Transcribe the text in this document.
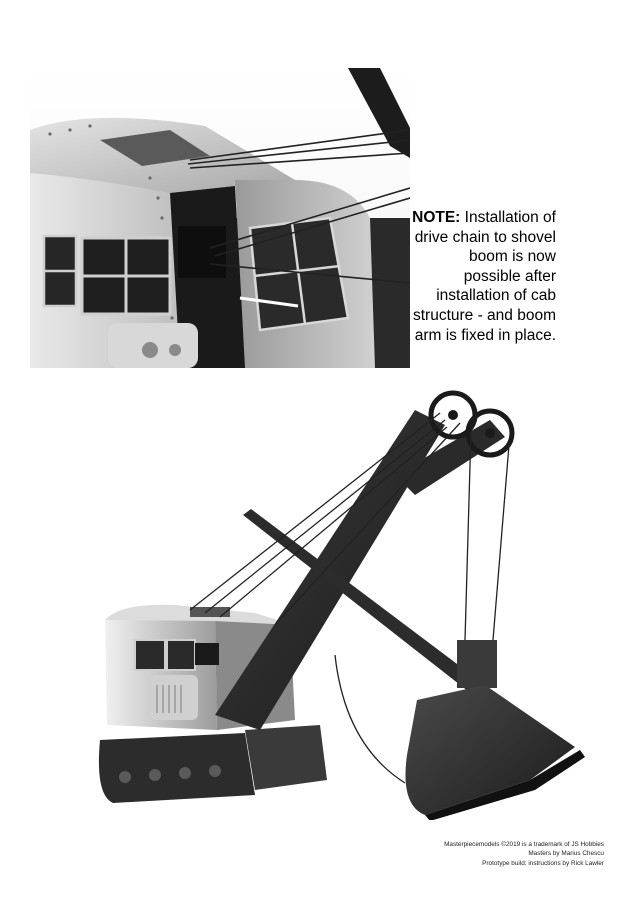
NOTE: Installation of drive chain to shovel boom is now possible after installation of cab structure - and boom arm is fixed in place.
Masterpiecemodels ©2019 is a trademark of JS Hobbies
Masters by Marius Chescu
Prototype build; instructions by Rick Lawler
